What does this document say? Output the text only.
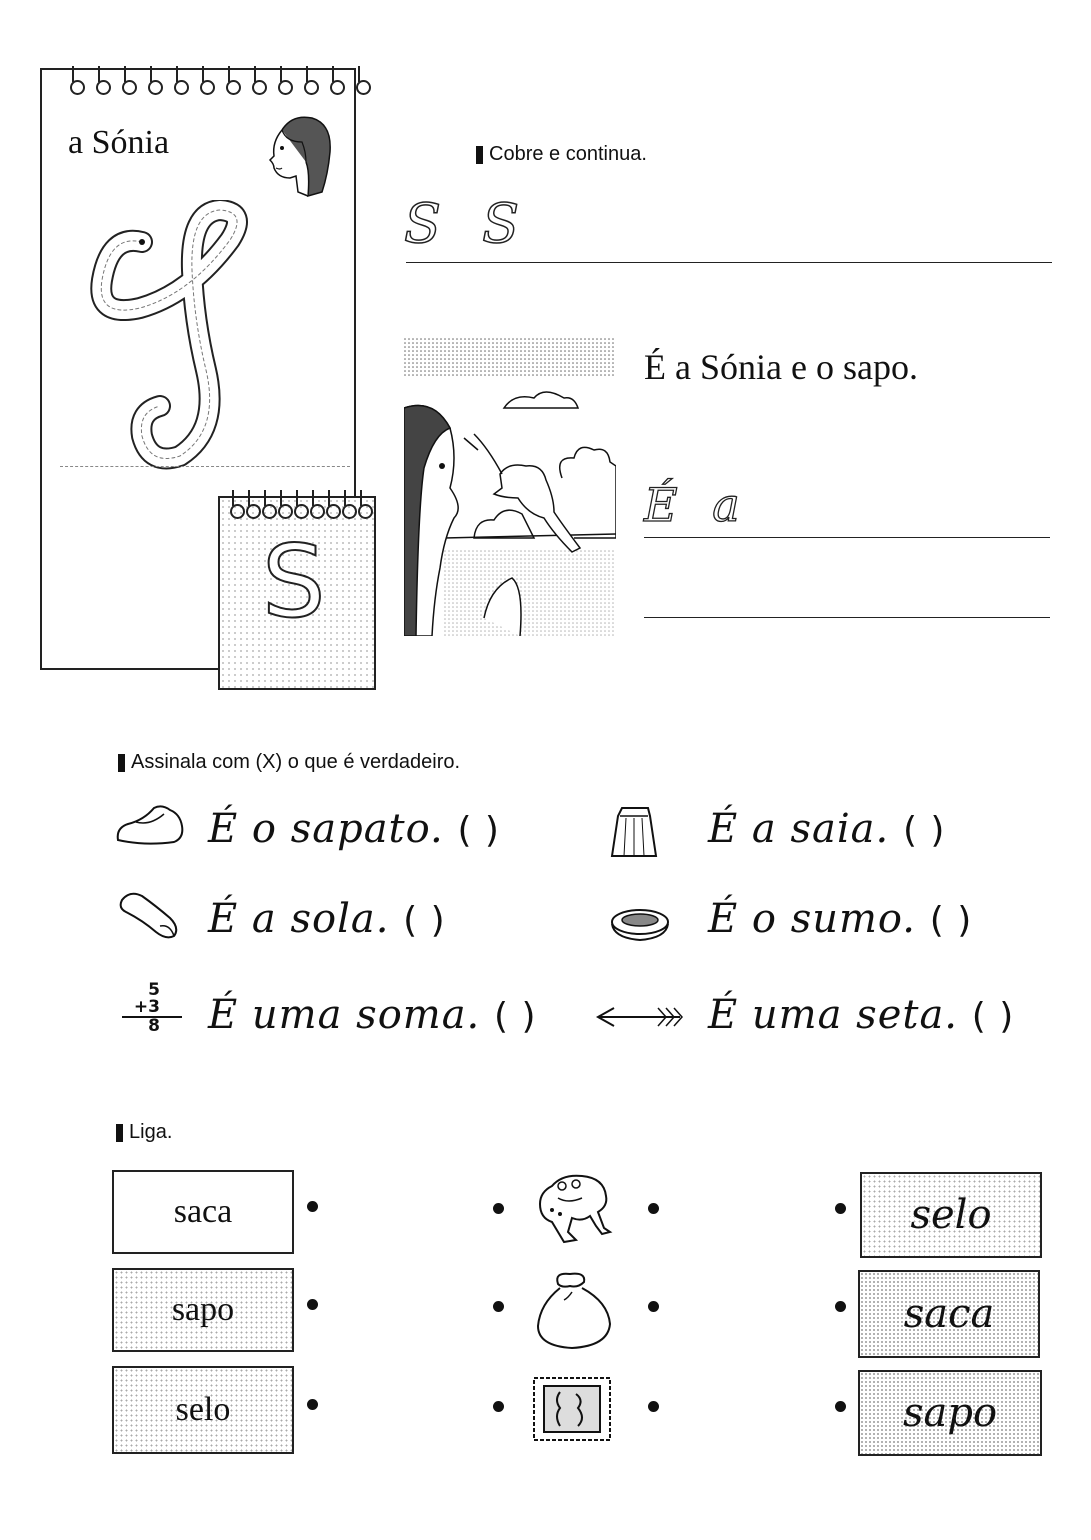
a Sónia
S
Cobre e continua.
S S
É a Sónia e o sapo.
É a
Assinala com (X) o que é verdadeiro.
É o sapato. ( )	É a saia. ( )
É a sola. ( )	É o sumo. ( )
5
+3
8	É uma soma. ( )	É uma seta. ( )
Liga.
saca
sapo
selo
selo
saca
sapo
